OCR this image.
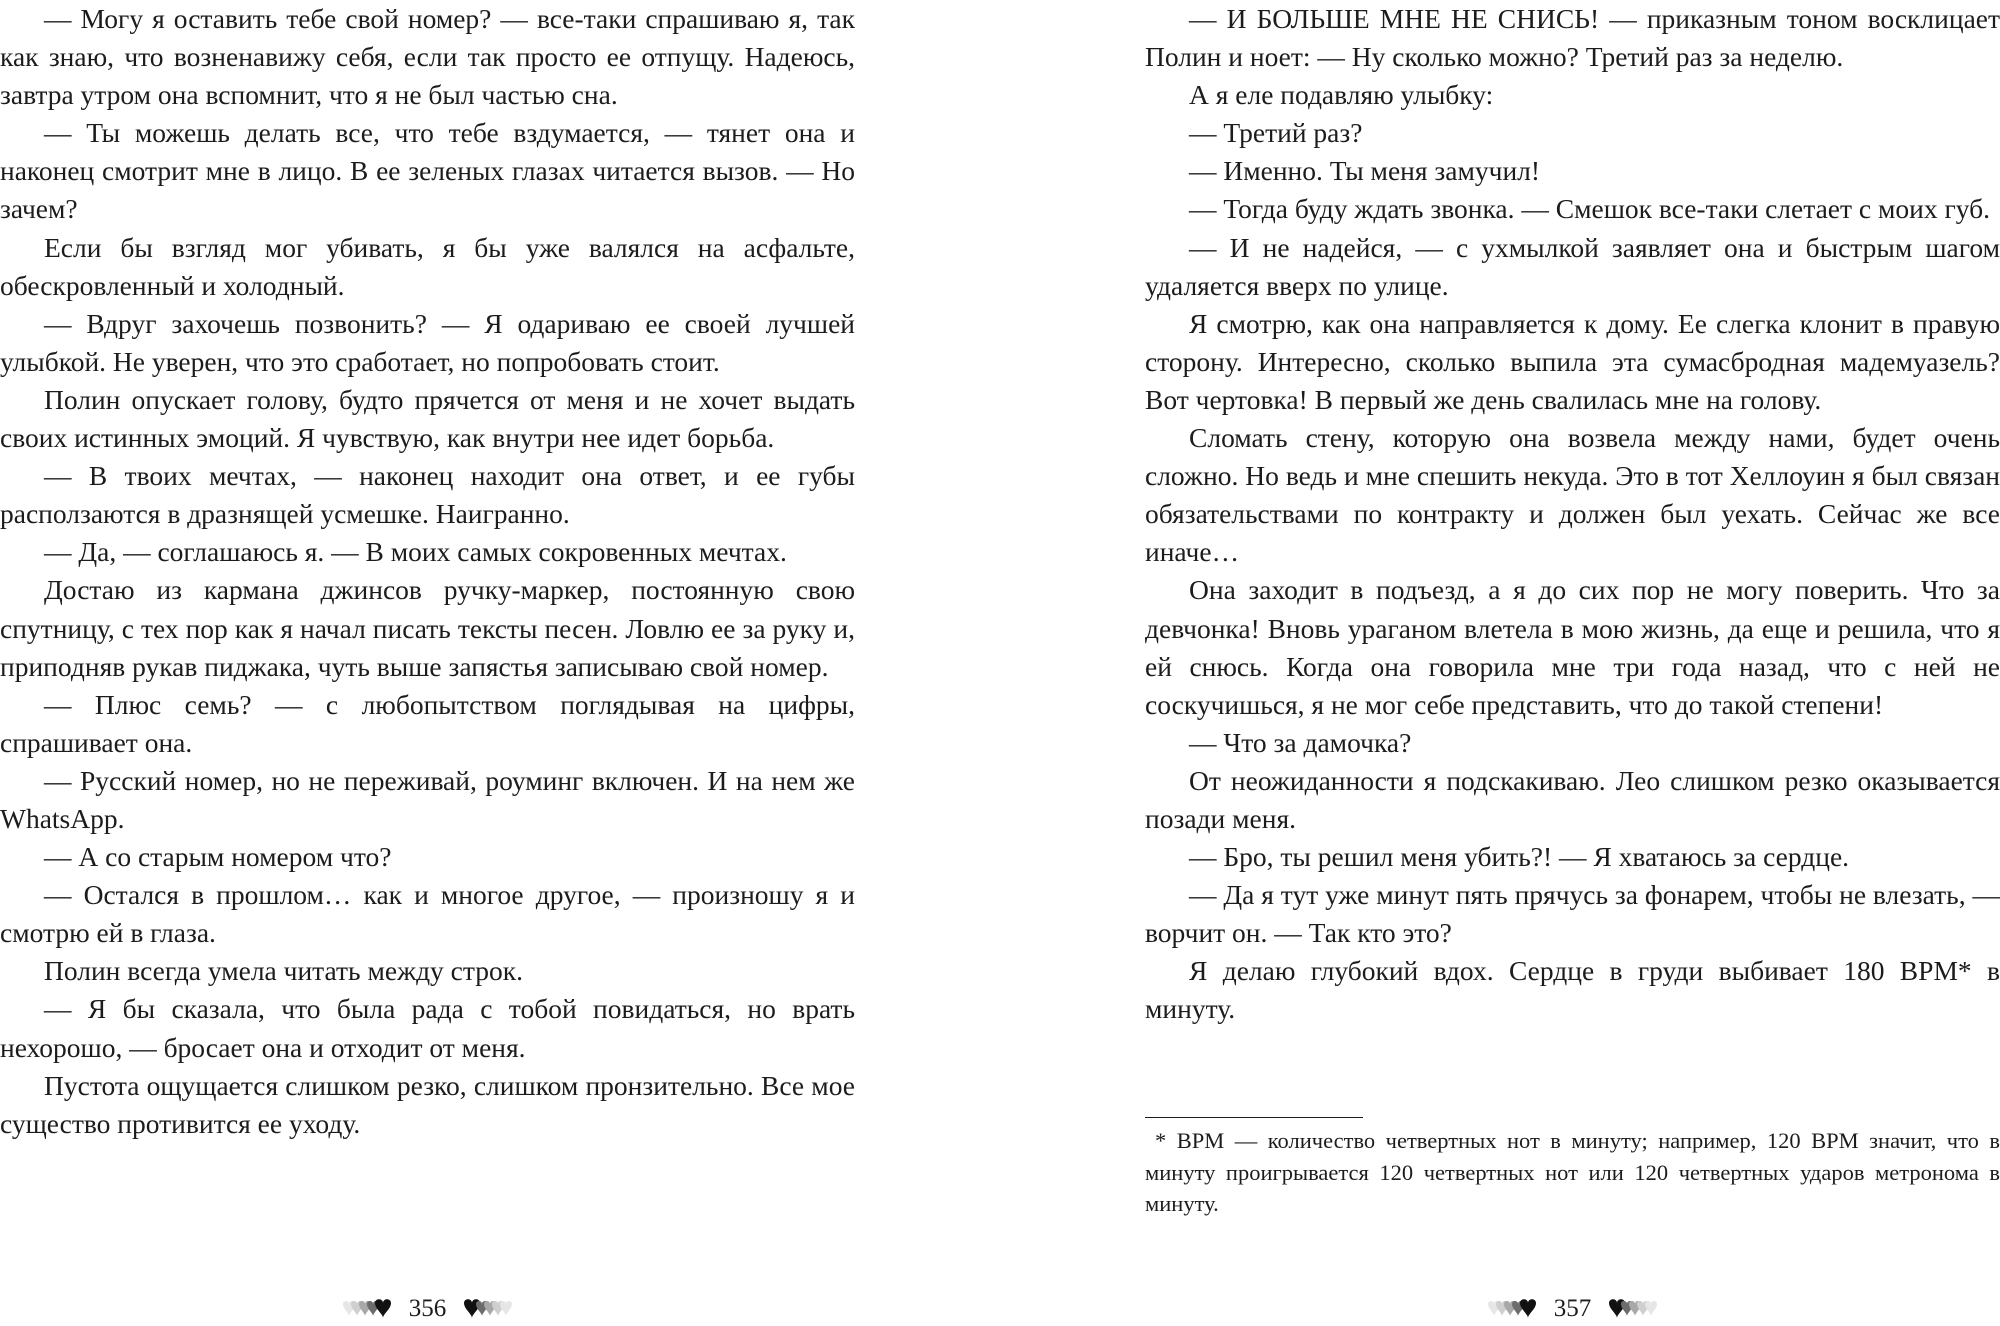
— Могу я оставить тебе свой номер? — все-таки спрашиваю я, так как знаю, что возненавижу себя, если так просто ее отпущу. Надеюсь, завтра утром она вспомнит, что я не был частью сна.

— Ты можешь делать все, что тебе вздумается, — тянет она и наконец смотрит мне в лицо. В ее зеленых глазах читается вызов. — Но зачем?

Если бы взгляд мог убивать, я бы уже валялся на асфальте, обескровленный и холодный.

— Вдруг захочешь позвонить? — Я одариваю ее своей лучшей улыбкой. Не уверен, что это сработает, но попробовать стоит.

Полин опускает голову, будто прячется от меня и не хочет выдать своих истинных эмоций. Я чувствую, как внутри нее идет борьба.

— В твоих мечтах, — наконец находит она ответ, и ее губы расползаются в дразнящей усмешке. Наигранно.

— Да, — соглашаюсь я. — В моих самых сокровенных мечтах.

Достаю из кармана джинсов ручку-маркер, постоянную свою спутницу, с тех пор как я начал писать тексты песен. Ловлю ее за руку и, приподняв рукав пиджака, чуть выше запястья записываю свой номер.

— Плюс семь? — с любопытством поглядывая на цифры, спрашивает она.

— Русский номер, но не переживай, роуминг включен. И на нем же WhatsApp.

— А со старым номером что?

— Остался в прошлом… как и многое другое, — произношу я и смотрю ей в глаза.

Полин всегда умела читать между строк.

— Я бы сказала, что была рада с тобой повидаться, но врать нехорошо, — бросает она и отходит от меня.

Пустота ощущается слишком резко, слишком пронзительно. Все мое существо противится ее уходу.

356

— И БОЛЬШЕ МНЕ НЕ СНИСЬ! — приказным тоном восклицает Полин и ноет: — Ну сколько можно? Третий раз за неделю.

А я еле подавляю улыбку:

— Третий раз?

— Именно. Ты меня замучил!

— Тогда буду ждать звонка. — Смешок все-таки слетает с моих губ.

— И не надейся, — с ухмылкой заявляет она и быстрым шагом удаляется вверх по улице.

Я смотрю, как она направляется к дому. Ее слегка клонит в правую сторону. Интересно, сколько выпила эта сумасбродная мадемуазель? Вот чертовка! В первый же день свалилась мне на голову.

Сломать стену, которую она возвела между нами, будет очень сложно. Но ведь и мне спешить некуда. Это в тот Хеллоуин я был связан обязательствами по контракту и должен был уехать. Сейчас же все иначе…

Она заходит в подъезд, а я до сих пор не могу поверить. Что за девчонка! Вновь ураганом влетела в мою жизнь, да еще и решила, что я ей снюсь. Когда она говорила мне три года назад, что с ней не соскучишься, я не мог себе представить, что до такой степени!

— Что за дамочка?

От неожиданности я подскакиваю. Лео слишком резко оказывается позади меня.

— Бро, ты решил меня убить?! — Я хватаюсь за сердце.

— Да я тут уже минут пять прячусь за фонарем, чтобы не влезать, — ворчит он. — Так кто это?

Я делаю глубокий вдох. Сердце в груди выбивает 180 BPM* в минуту.

* BPM — количество четвертных нот в минуту; например, 120 BPM значит, что в минуту проигрывается 120 четвертных нот или 120 четвертных ударов метронома в минуту.

357
